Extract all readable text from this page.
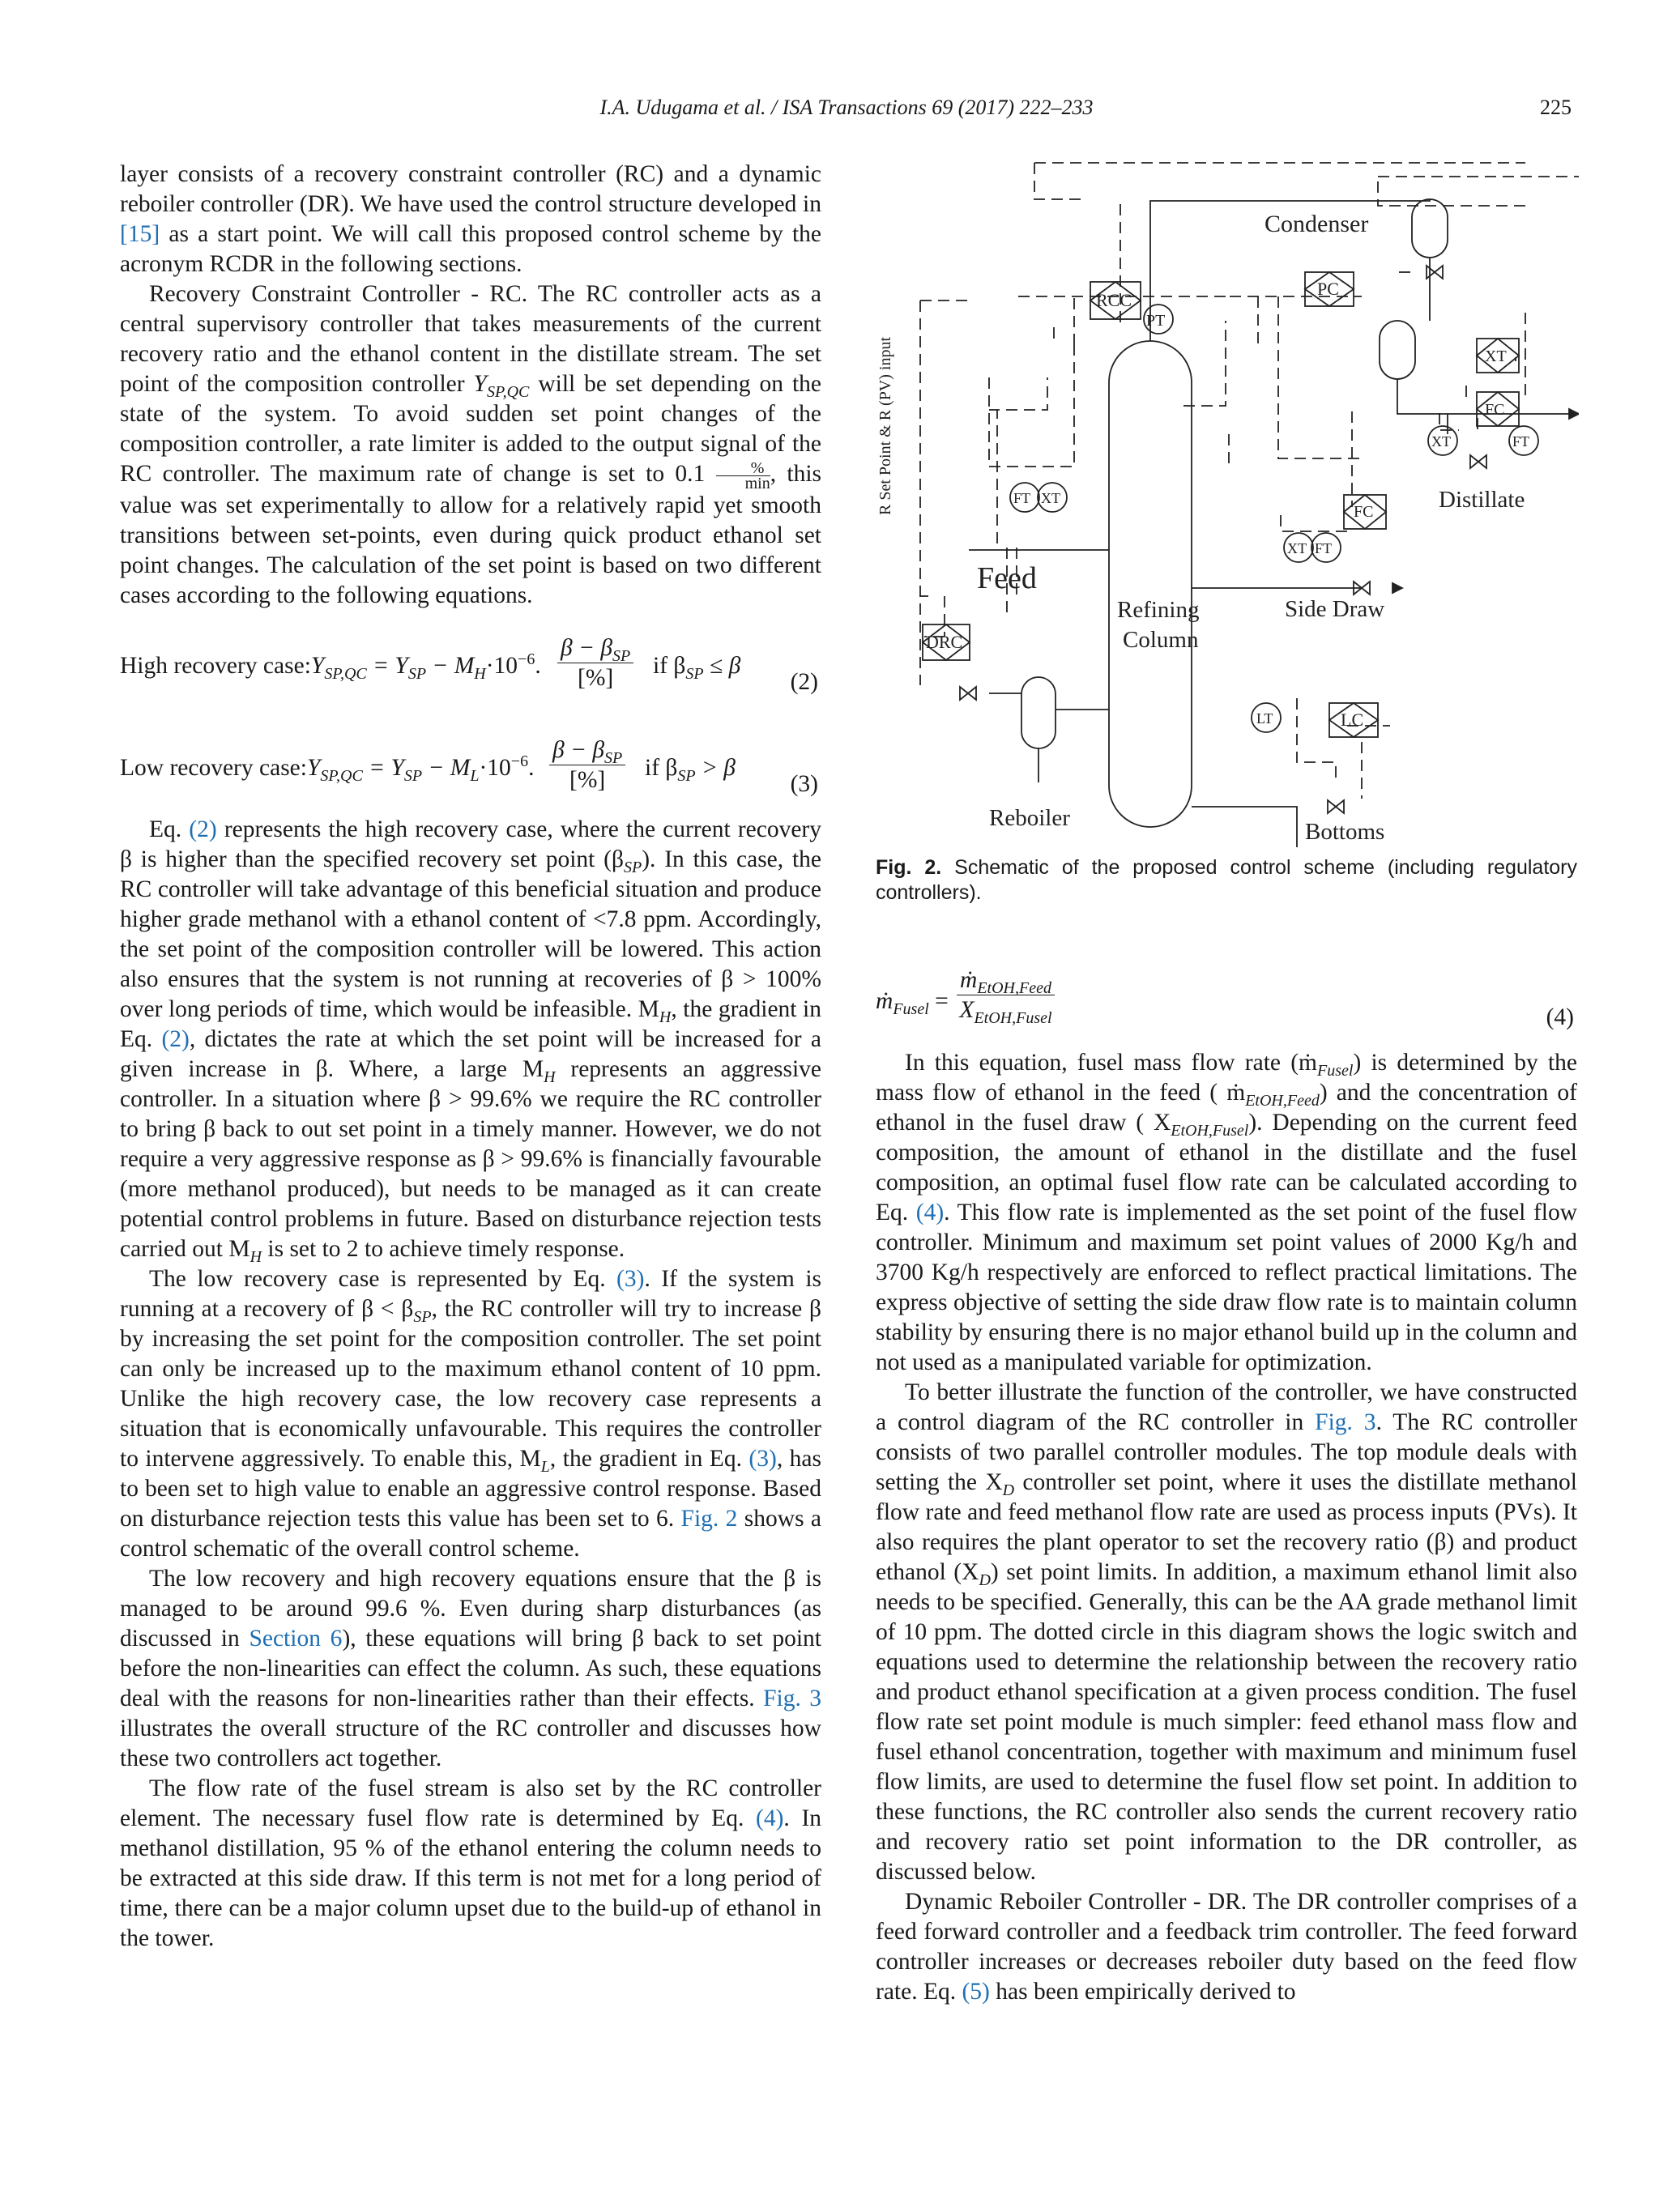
I.A. Udugama et al. / ISA Transactions 69 (2017) 222–233	225

layer consists of a recovery constraint controller (RC) and a dynamic reboiler controller (DR). We have used the control structure developed in [15] as a start point. We will call this proposed control scheme by the acronym RCDR in the following sections.

Recovery Constraint Controller - RC. The RC controller acts as a central supervisory controller that takes measurements of the current recovery ratio and the ethanol content in the distillate stream. The set point of the composition controller $Y_{SP,QC}$ will be set depending on the state of the system. To avoid sudden set point changes of the composition controller, a rate limiter is added to the output signal of the RC controller. The maximum rate of change is set to 0.1	%
min , this value was set experimentally to allow for a relatively rapid yet smooth transitions between set-points, even during quick product ethanol set point changes. The calculation of the set point is based on two different cases according to the following equations.

High recovery $case:Y_{SP,QC} = Y_{SP} - M_H\cdot 10^{-6}$.
$\beta - \beta_{SP}$
[%]	if $\beta_{SP} \le \beta$
(2)
Low recovery $case:Y_{SP,QC} = Y_{SP} - M_L\cdot 10^{-6}$.
$\beta - \beta_{SP}$
[%]	if $\beta_{SP} > \beta$
(3)

Eq. (2) represents the high recovery case, where the current recovery β is higher than the specified recovery set point $(\beta_{SP})$. In this case, the RC controller will take advantage of this beneficial situation and produce higher grade methanol with a ethanol content of <7.8 ppm. Accordingly, the set point of the composition controller will be lowered. This action also ensures that the system is not running at recoveries of β > 100% over long periods of time, which would be infeasible. $M_H$, the gradient in Eq. (2), dictates the rate at which the set point will be increased for a given increase in β. Where, a large $M_H$ represents an aggressive controller. In a situation where β > 99.6% we require the RC controller to bring β back to out set point in a timely manner. However, we do not require a very aggressive response as β > 99.6% is financially favourable (more methanol produced), but needs to be managed as it can create potential control problems in future. Based on disturbance rejection tests carried out $M_H$ is set to 2 to achieve timely response.

The low recovery case is represented by Eq. (3). If the system is running at a recovery of $\beta < \beta_{SP}$, the RC controller will try to increase β by increasing the set point for the composition controller. The set point can only be increased up to the maximum ethanol content of 10 ppm. Unlike the high recovery case, the low recovery case represents a situation that is economically unfavourable. This requires the controller to intervene aggressively. To enable this, $M_L$, the gradient in Eq. (3), has to been set to high value to enable an aggressive control response. Based on disturbance rejection tests this value has been set to 6. Fig. 2 shows a control schematic of the overall control scheme.

The low recovery and high recovery equations ensure that the β is managed to be around 99.6 %. Even during sharp disturbances (as discussed in Section 6), these equations will bring β back to set point before the non-linearities can effect the column. As such, these equations deal with the reasons for non-linearities rather than their effects. Fig. 3 illustrates the overall structure of the RC controller and discusses how these two controllers act together.

The flow rate of the fusel stream is also set by the RC controller element. The necessary fusel flow rate is determined by Eq. (4). In methanol distillation, 95 % of the ethanol entering the column needs to be extracted at this side draw. If this term is not met for a long period of time, there can be a major column upset due to the build-up of ethanol in the tower.

R Set Point & R (PV) input
Condenser
RCC
PC
PT
XT
FC
XT	FT
Distillate
FT XT
Feed
XT FT
FC
Side Draw
Refining
Column
DRC
LT	LC
Reboiler
Bottoms
Fig. 2. Schematic of the proposed control scheme (including regulatory controllers).
ṁ$_{Fusel}$ =
ṁ$_{EtOH,Feed}$
$X_{EtOH,Fusel}$	(4)

In this equation, fusel mass flow rate (ṁ$_{Fusel}$) is determined by the mass flow of ethanol in the feed ( ṁ$_{EtOH,Feed}$) and the concentration of ethanol in the fusel draw ( $X_{EtOH,Fusel}$). Depending on the current feed composition, the amount of ethanol in the distillate and the fusel composition, an optimal fusel flow rate can be calculated according to Eq. (4). This flow rate is implemented as the set point of the fusel flow controller. Minimum and maximum set point values of 2000 Kg/h and 3700 Kg/h respectively are enforced to reflect practical limitations. The express objective of setting the side draw flow rate is to maintain column stability by ensuring there is no major ethanol build up in the column and not used as a manipulated variable for optimization.

To better illustrate the function of the controller, we have constructed a control diagram of the RC controller in Fig. 3. The RC controller consists of two parallel controller modules. The top module deals with setting the $X_D$ controller set point, where it uses the distillate methanol flow rate and feed methanol flow rate are used as process inputs (PVs). It also requires the plant operator to set the recovery ratio (β) and product ethanol $(X_D)$ set point limits. In addition, a maximum ethanol limit also needs to be specified. Generally, this can be the AA grade methanol limit of 10 ppm. The dotted circle in this diagram shows the logic switch and equations used to determine the relationship between the recovery ratio and product ethanol specification at a given process condition. The fusel flow rate set point module is much simpler: feed ethanol mass flow and fusel ethanol concentration, together with maximum and minimum fusel flow limits, are used to determine the fusel flow set point. In addition to these functions, the RC controller also sends the current recovery ratio and recovery ratio set point information to the DR controller, as discussed below.

Dynamic Reboiler Controller - DR. The DR controller comprises of a feed forward controller and a feedback trim controller. The feed forward controller increases or decreases reboiler duty based on the feed flow rate. Eq. (5) has been empirically derived to
